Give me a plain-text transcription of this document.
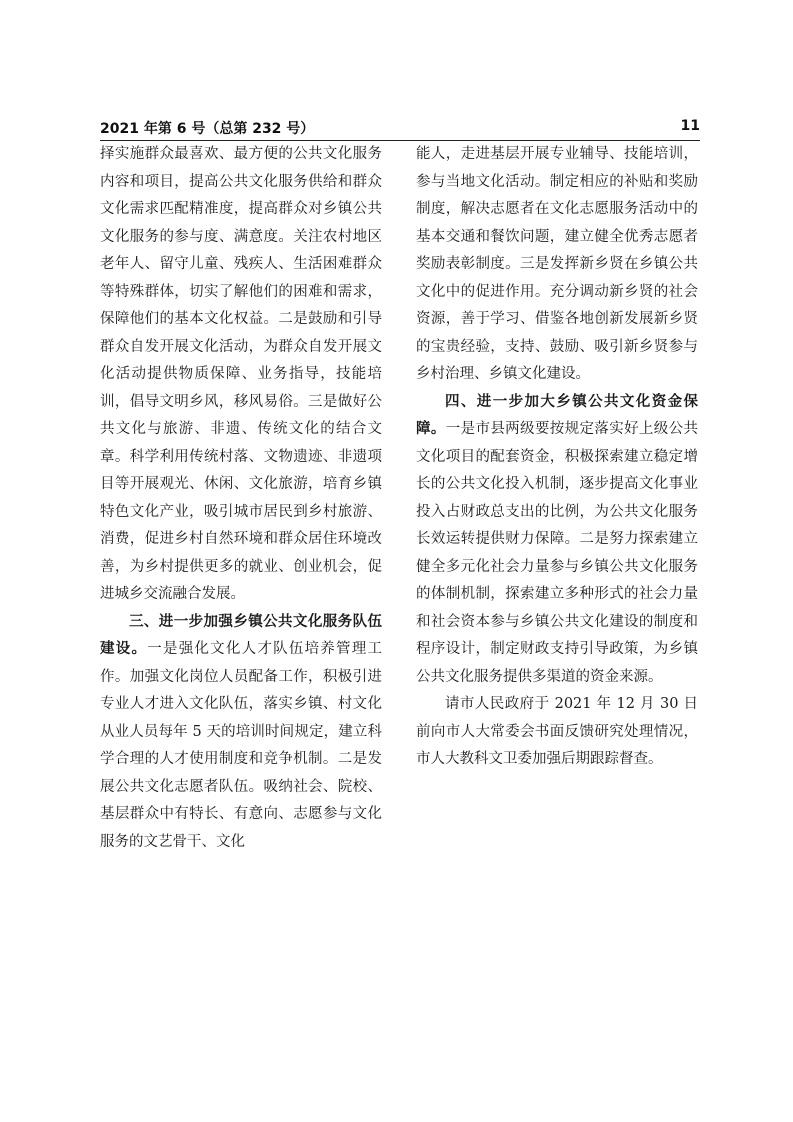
2021 年第 6 号（总第 232 号）	11

择实施群众最喜欢、最方便的公共文化服务内容和项目，提高公共文化服务供给和群众文化需求匹配精准度，提高群众对乡镇公共文化服务的参与度、满意度。关注农村地区老年人、留守儿童、残疾人、生活困难群众等特殊群体，切实了解他们的困难和需求，保障他们的基本文化权益。二是鼓励和引导群众自发开展文化活动，为群众自发开展文化活动提供物质保障、业务指导，技能培训，倡导文明乡风，移风易俗。三是做好公共文化与旅游、非遗、传统文化的结合文章。科学利用传统村落、文物遗迹、非遗项目等开展观光、休闲、文化旅游，培育乡镇特色文化产业，吸引城市居民到乡村旅游、消费，促进乡村自然环境和群众居住环境改善，为乡村提供更多的就业、创业机会，促进城乡交流融合发展。

三、进一步加强乡镇公共文化服务队伍建设。一是强化文化人才队伍培养管理工作。加强文化岗位人员配备工作，积极引进专业人才进入文化队伍，落实乡镇、村文化从业人员每年 5 天的培训时间规定，建立科学合理的人才使用制度和竞争机制。二是发展公共文化志愿者队伍。吸纳社会、院校、基层群众中有特长、有意向、志愿参与文化服务的文艺骨干、文化

能人，走进基层开展专业辅导、技能培训，参与当地文化活动。制定相应的补贴和奖励制度，解决志愿者在文化志愿服务活动中的基本交通和餐饮问题，建立健全优秀志愿者奖励表彰制度。三是发挥新乡贤在乡镇公共文化中的促进作用。充分调动新乡贤的社会资源，善于学习、借鉴各地创新发展新乡贤的宝贵经验，支持、鼓励、吸引新乡贤参与乡村治理、乡镇文化建设。

四、进一步加大乡镇公共文化资金保障。一是市县两级要按规定落实好上级公共文化项目的配套资金，积极探索建立稳定增长的公共文化投入机制，逐步提高文化事业投入占财政总支出的比例，为公共文化服务长效运转提供财力保障。二是努力探索建立健全多元化社会力量参与乡镇公共文化服务的体制机制，探索建立多种形式的社会力量和社会资本参与乡镇公共文化建设的制度和程序设计，制定财政支持引导政策，为乡镇公共文化服务提供多渠道的资金来源。

请市人民政府于 2021 年 12 月 30 日前向市人大常委会书面反馈研究处理情况，市人大教科文卫委加强后期跟踪督查。
